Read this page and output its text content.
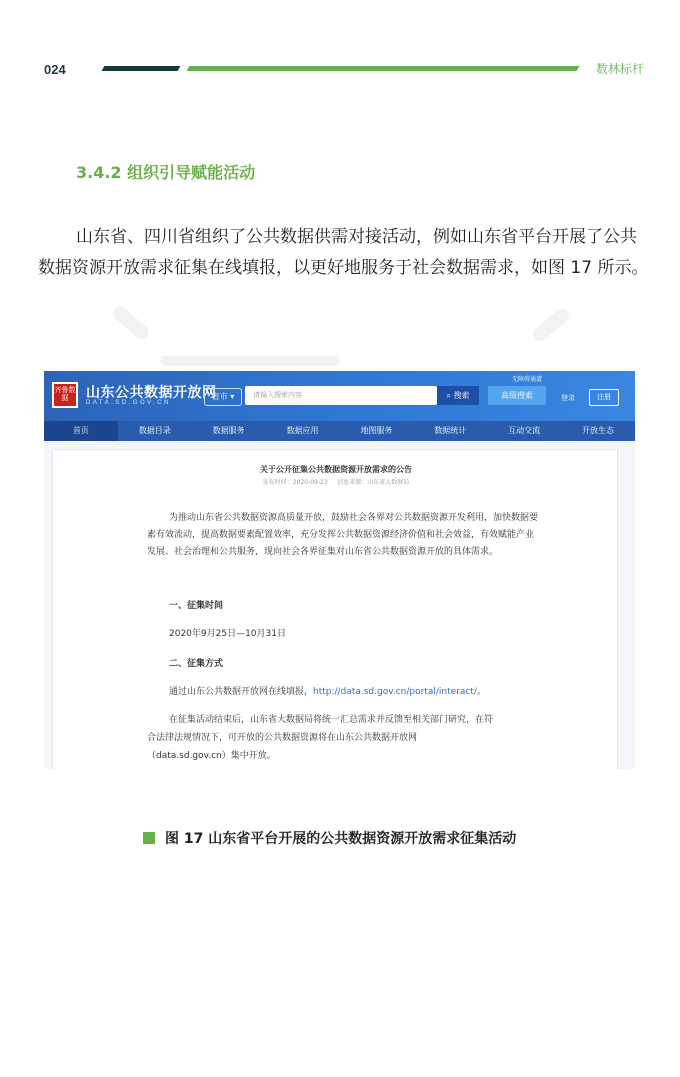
024	数林标杆
3.4.2 组织引导赋能活动
山东省、四川省组织了公共数据供需对接活动，例如山东省平台开展了公共数据资源开放需求征集在线填报，以更好地服务于社会数据需求，如图 17 所示。
齐鲁数据	山东公共数据开放网
DATA.SD.GOV.CN
省市 ▾	请输入搜索内容	⌕ 搜索	高级搜索
无障碍通道
登录	注册
首页	数据目录	数据服务	数据应用	地图服务	数据统计	互动交流	开放生态
关于公开征集公共数据资源开放需求的公告
发布时间：2020-09-23 信息来源：山东省大数据局
为推动山东省公共数据资源高质量开放，鼓励社会各界对公共数据资源开发利用，加快数据要素有效流动，提高数据要素配置效率，充分发挥公共数据资源经济价值和社会效益，有效赋能产业发展、社会治理和公共服务，现向社会各界征集对山东省公共数据资源开放的具体需求。
一、征集时间
2020年9月25日—10月31日
二、征集方式
通过山东公共数据开放网在线填报，http://data.sd.gov.cn/portal/interact/。
在征集活动结束后，山东省大数据局将统一汇总需求并反馈至相关部门研究，在符
合法律法规情况下，可开放的公共数据资源将在山东公共数据开放网
（data.sd.gov.cn）集中开放。
图 17 山东省平台开展的公共数据资源开放需求征集活动
